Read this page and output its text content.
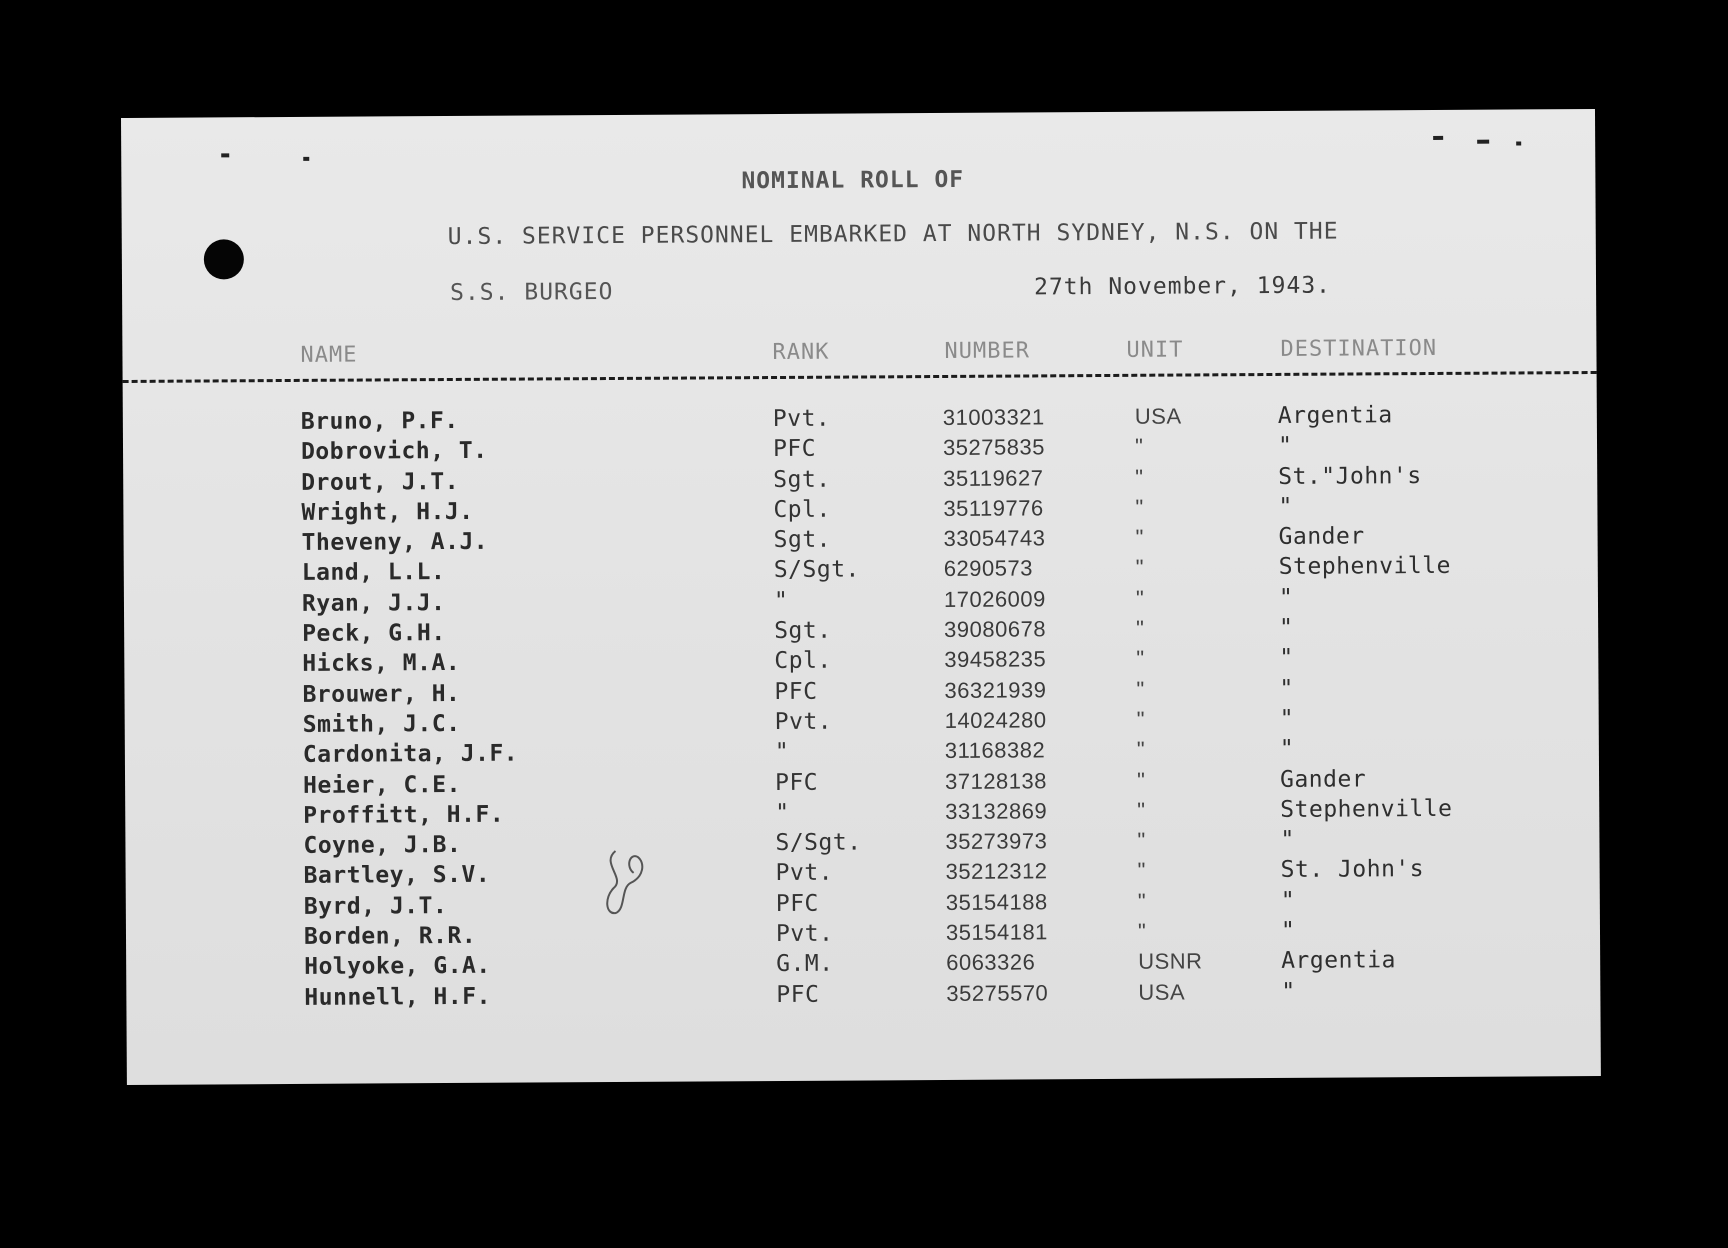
NOMINAL ROLL OF
U.S. SERVICE PERSONNEL EMBARKED AT NORTH SYDNEY, N.S. ON THE
S.S. BURGEO	27th November, 1943.
NAME	RANK	NUMBER	UNIT	DESTINATION
Bruno, P.F.	Pvt.	31003321	USA	Argentia
Dobrovich, T.	PFC	35275835	"	"
Drout, J.T.	Sgt.	35119627	"	St."John's
Wright, H.J.	Cpl.	35119776	"	"
Theveny, A.J.	Sgt.	33054743	"	Gander
Land, L.L.	S/Sgt.	6290573	"	Stephenville
Ryan, J.J.	"	17026009	"	"
Peck, G.H.	Sgt.	39080678	"	"
Hicks, M.A.	Cpl.	39458235	"	"
Brouwer, H.	PFC	36321939	"	"
Smith, J.C.	Pvt.	14024280	"	"
Cardonita, J.F.	"	31168382	"	"
Heier, C.E.	PFC	37128138	"	Gander
Proffitt, H.F.	"	33132869	"	Stephenville
Coyne, J.B.	S/Sgt.	35273973	"	"
Bartley, S.V.	Pvt.	35212312	"	St. John's
Byrd, J.T.	PFC	35154188	"	"
Borden, R.R.	Pvt.	35154181	"	"
Holyoke, G.A.	G.M.	6063326	USNR	Argentia
Hunnell, H.F.	PFC	35275570	USA	"
